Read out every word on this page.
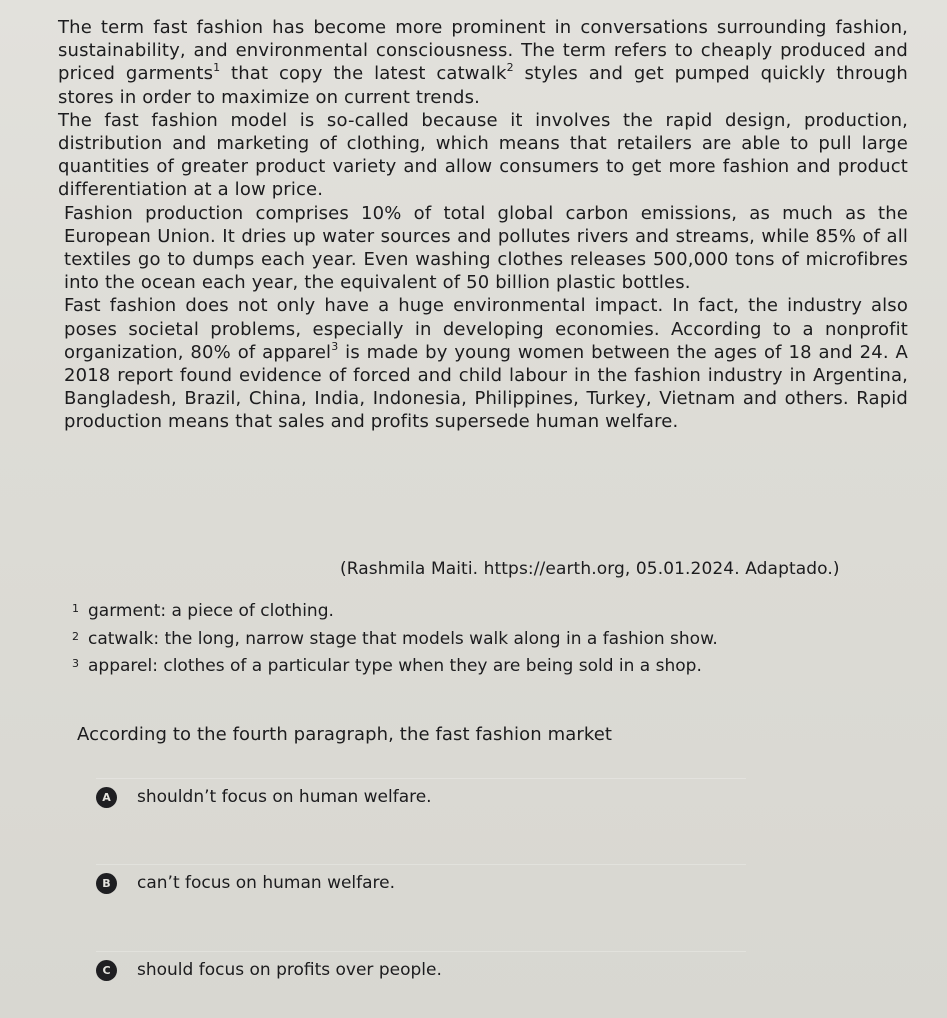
The term fast fashion has become more prominent in conversations surrounding fashion, sustainability, and environmental consciousness. The term refers to cheaply produced and priced garments$^1$ that copy the latest catwalk$^2$ styles and get pumped quickly through stores in order to maximize on current trends.

The fast fashion model is so-called because it involves the rapid design, production, distribution and marketing of clothing, which means that retailers are able to pull large quantities of greater product variety and allow consumers to get more fashion and product differentiation at a low price.

Fashion production comprises 10% of total global carbon emissions, as much as the European Union. It dries up water sources and pollutes rivers and streams, while 85% of all textiles go to dumps each year. Even washing clothes releases 500,000 tons of microfibres into the ocean each year, the equivalent of 50 billion plastic bottles.

Fast fashion does not only have a huge environmental impact. In fact, the industry also poses societal problems, especially in developing economies. According to a nonprofit organization, 80% of apparel$^3$ is made by young women between the ages of 18 and 24. A 2018 report found evidence of forced and child labour in the fashion industry in Argentina, Bangladesh, Brazil, China, India, Indonesia, Philippines, Turkey, Vietnam and others. Rapid production means that sales and profits supersede human welfare.

(Rashmila Maiti. https://earth.org, 05.01.2024. Adaptado.)
1 garment: a piece of clothing.
2 catwalk: the long, narrow stage that models walk along in a fashion show.
3 apparel: clothes of a particular type when they are being sold in a shop.
According to the fourth paragraph, the fast fashion market
A	shouldn’t focus on human welfare.
B	can’t focus on human welfare.
C	should focus on profits over people.
